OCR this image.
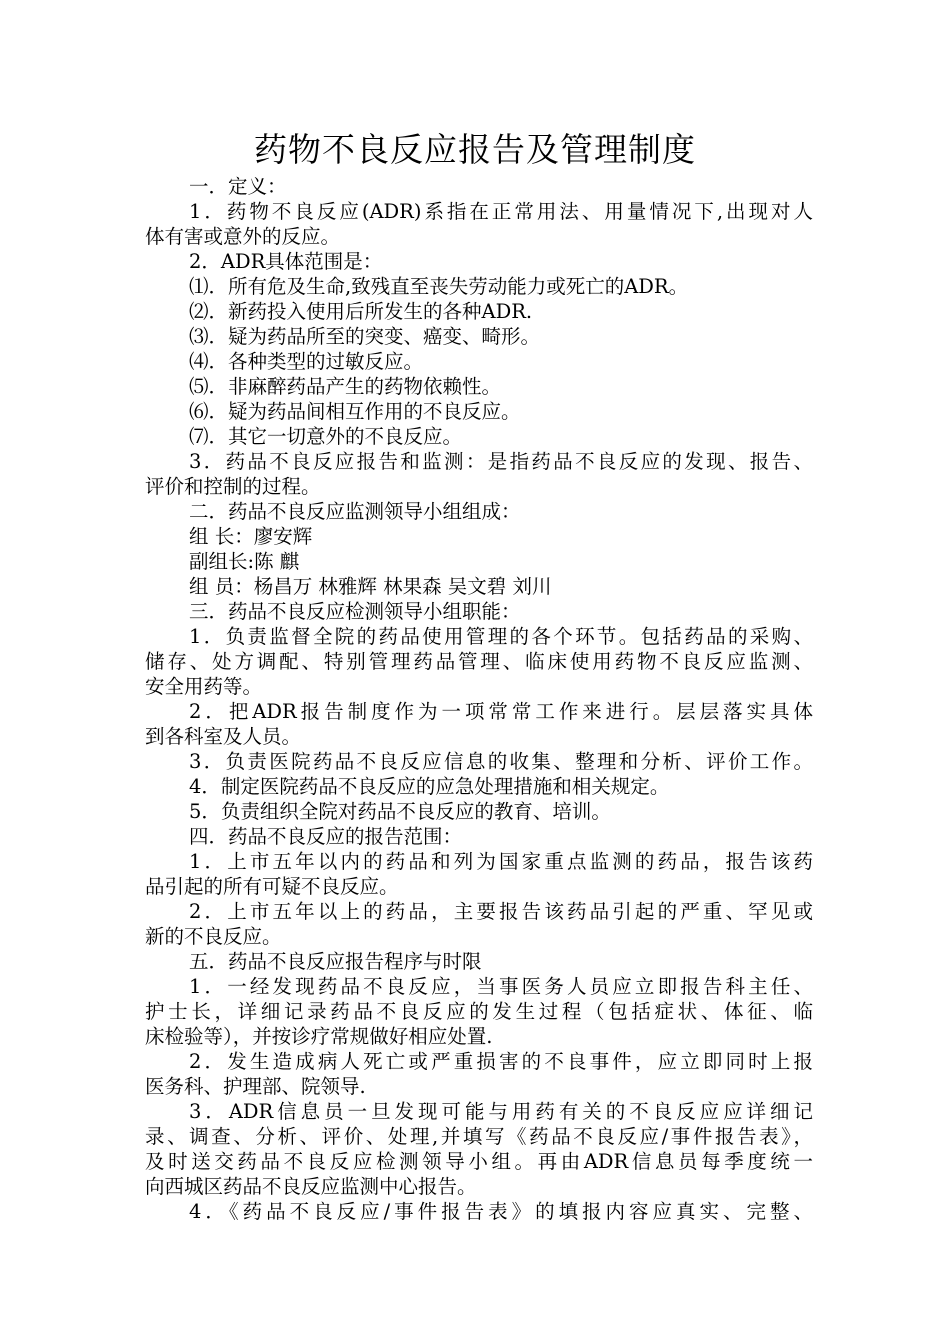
药物不良反应报告及管理制度
一．定义：
1．药物不良反应(ADR)系指在正常用法、用量情况下,出现对人
体有害或意外的反应。
2．ADR具体范围是：
⑴．所有危及生命,致残直至丧失劳动能力或死亡的ADR。
⑵．新药投入使用后所发生的各种ADR.
⑶．疑为药品所至的突变、癌变、畸形。
⑷．各种类型的过敏反应。
⑸．非麻醉药品产生的药物依赖性。
⑹．疑为药品间相互作用的不良反应。
⑺．其它一切意外的不良反应。
3．药品不良反应报告和监测：是指药品不良反应的发现、报告、
评价和控制的过程。
二．药品不良反应监测领导小组组成：
组 长：廖安辉
副组长:陈 麒
组 员：杨昌万 林雅辉 林果森 吴文碧 刘川
三．药品不良反应检测领导小组职能：
1．负责监督全院的药品使用管理的各个环节。包括药品的采购、
储存、处方调配、特别管理药品管理、临床使用药物不良反应监测、
安全用药等。
2．把ADR报告制度作为一项常常工作来进行。层层落实具体
到各科室及人员。
3．负责医院药品不良反应信息的收集、整理和分析、评价工作。
4．制定医院药品不良反应的应急处理措施和相关规定。
5．负责组织全院对药品不良反应的教育、培训。
四．药品不良反应的报告范围：
1．上市五年以内的药品和列为国家重点监测的药品，报告该药
品引起的所有可疑不良反应。
2．上市五年以上的药品，主要报告该药品引起的严重、罕见或
新的不良反应。
五．药品不良反应报告程序与时限
1．一经发现药品不良反应，当事医务人员应立即报告科主任、
护士长，详细记录药品不良反应的发生过程（包括症状、体征、临
床检验等），并按诊疗常规做好相应处置.
2．发生造成病人死亡或严重损害的不良事件，应立即同时上报
医务科、护理部、院领导.
3．ADR信息员一旦发现可能与用药有关的不良反应应详细记
录、调查、分析、评价、处理,并填写《药品不良反应/事件报告表》，
及时送交药品不良反应检测领导小组。再由ADR信息员每季度统一
向西城区药品不良反应监测中心报告。
4．《药品不良反应/事件报告表》的填报内容应真实、完整、
